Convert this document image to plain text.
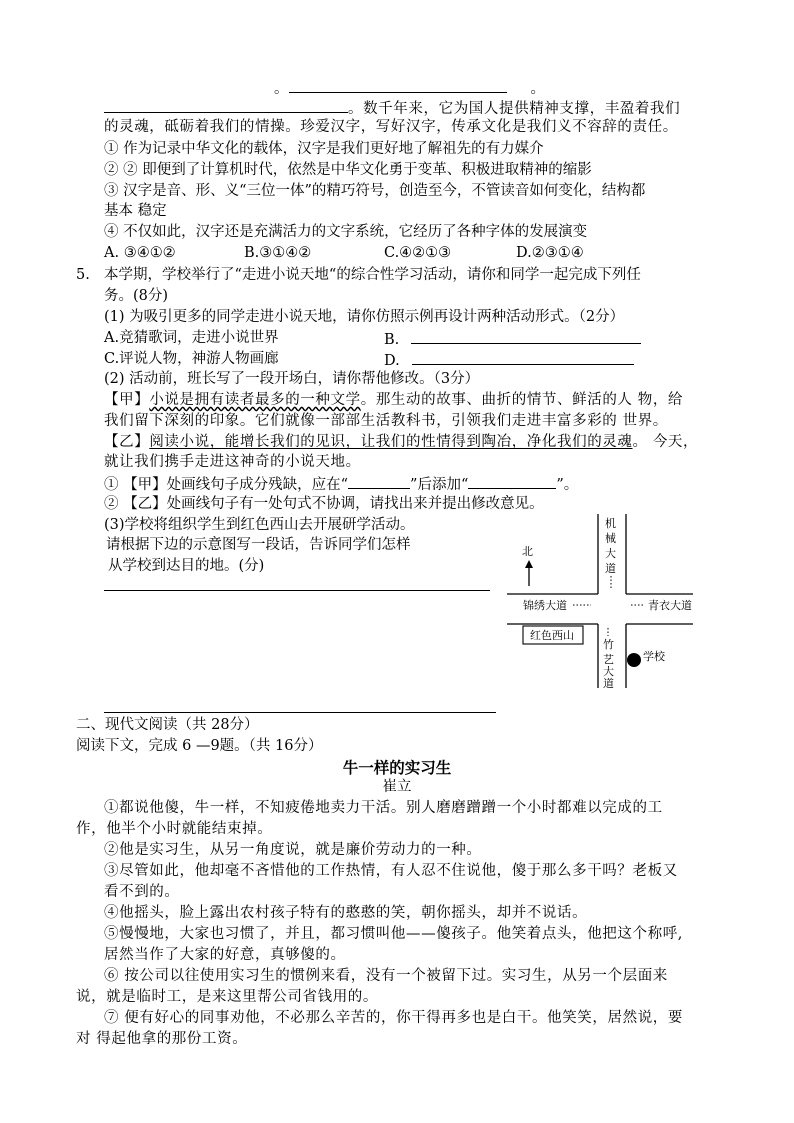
。	。
。数千年来，它为国人提供精神支撑，丰盈着我们
的灵魂，砥砺着我们的情操。珍爱汉字，写好汉字，传承文化是我们义不容辞的责任。
① 作为记录中华文化的载体，汉字是我们更好地了解祖先的有力媒介
② ② 即便到了计算机时代，依然是中华文化勇于变革、积极进取精神的缩影
③ 汉字是音、形、义“三位一体”的精巧符号，创造至今，不管读音如何变化，结构都
基本 稳定
④ 不仅如此，汉字还是充满活力的文字系统，它经历了各种字体的发展演变
A. ③④①②	B.③①④②	C.④②①③	D.②③①④
5. 本学期，学校举行了“走进小说天地“的综合性学习活动，请你和同学一起完成下列任
务。(8分)
(1) 为吸引更多的同学走进小说天地，请你仿照示例再设计两种活动形式。（2分）
A.竞猜歌词，走进小说世界	B.
C.评说人物，神游人物画廊	D.
(2) 活动前，班长写了一段开场白，请你帮他修改。（3分）
【甲】小说是拥有读者最多的一种文学。那生动的故事、曲折的情节、鲜活的人 物，给
我们留下深刻的印象。它们就像一部部生活教科书，引领我们走进丰富多彩的 世界。
【乙】阅读小说，能增长我们的见识，让我们的性情得到陶冶，净化我们的灵魂。 今天，
就让我们携手走进这神奇的小说天地。
① 【甲】处画线句子成分残缺，应在“	”后添加“	”。
② 【乙】处画线句子有一处句式不协调，请找出来并提出修改意见。
(3)学校将组织学生到红色西山去开展研学活动。
请根据下边的示意图写一段话，告诉同学们怎样
从学校到达目的地。(分)
北
机
械
大
道
锦绣大道	青衣大道
红色西山
竹
艺
大
道
学校
二、现代文阅读（共 28分）
阅读下文，完成 6 —9题。（共 16分）
牛一样的实习生
崔立
①都说他傻，牛一样，不知疲倦地卖力干活。别人磨磨蹭蹭一个小时都难以完成的工
作，他半个小时就能结束掉。
②他是实习生，从另一角度说，就是廉价劳动力的一种。
③尽管如此，他却毫不吝惜他的工作热情，有人忍不住说他，傻于那么多干吗？老板又
看不到的。
④他摇头，脸上露出农村孩子特有的憨憨的笑，朝你摇头，却并不说话。
⑤慢慢地，大家也习惯了，并且，都习惯叫他——傻孩子。他笑着点头，他把这个称呼,
居然当作了大家的好意，真够傻的。
⑥ 按公司以往使用实习生的惯例来看，没有一个被留下过。实习生，从另一个层面来
说，就是临时工，是来这里帮公司省钱用的。
⑦ 便有好心的同事劝他，不必那么辛苦的，你干得再多也是白干。他笑笑，居然说，要
对 得起他拿的那份工资。
